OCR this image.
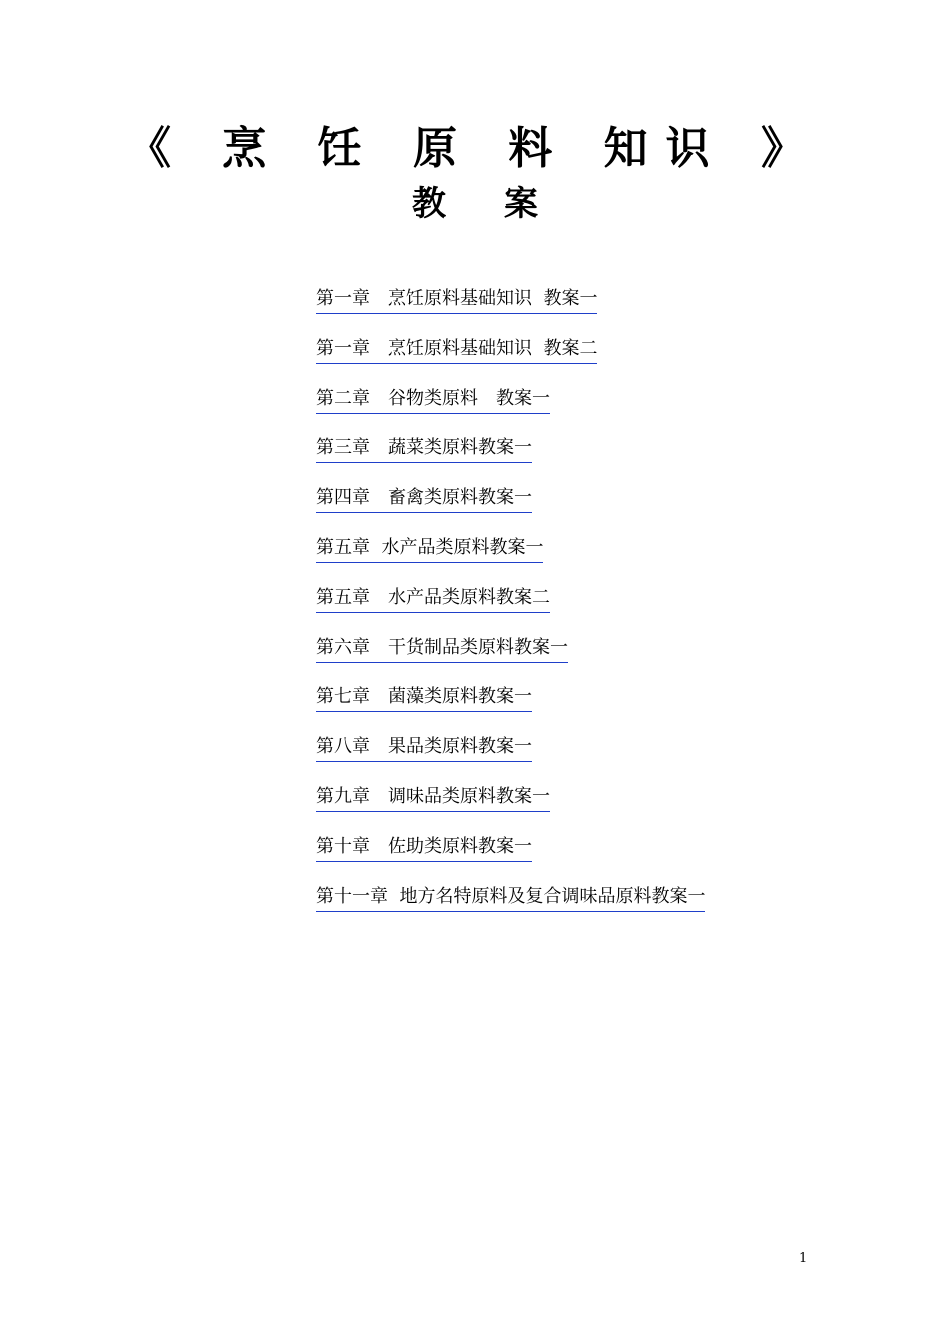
《 烹 饪 原 料 知识 》
教案
第一章　烹饪原料基础知识  教案一
第一章　烹饪原料基础知识  教案二
第二章　谷物类原料　教案一
第三章　蔬菜类原料教案一
第四章　畜禽类原料教案一
第五章  水产品类原料教案一
第五章　水产品类原料教案二
第六章　干货制品类原料教案一
第七章　菌藻类原料教案一
第八章　果品类原料教案一
第九章　调味品类原料教案一
第十章　佐助类原料教案一
第十一章  地方名特原料及复合调味品原料教案一
1
